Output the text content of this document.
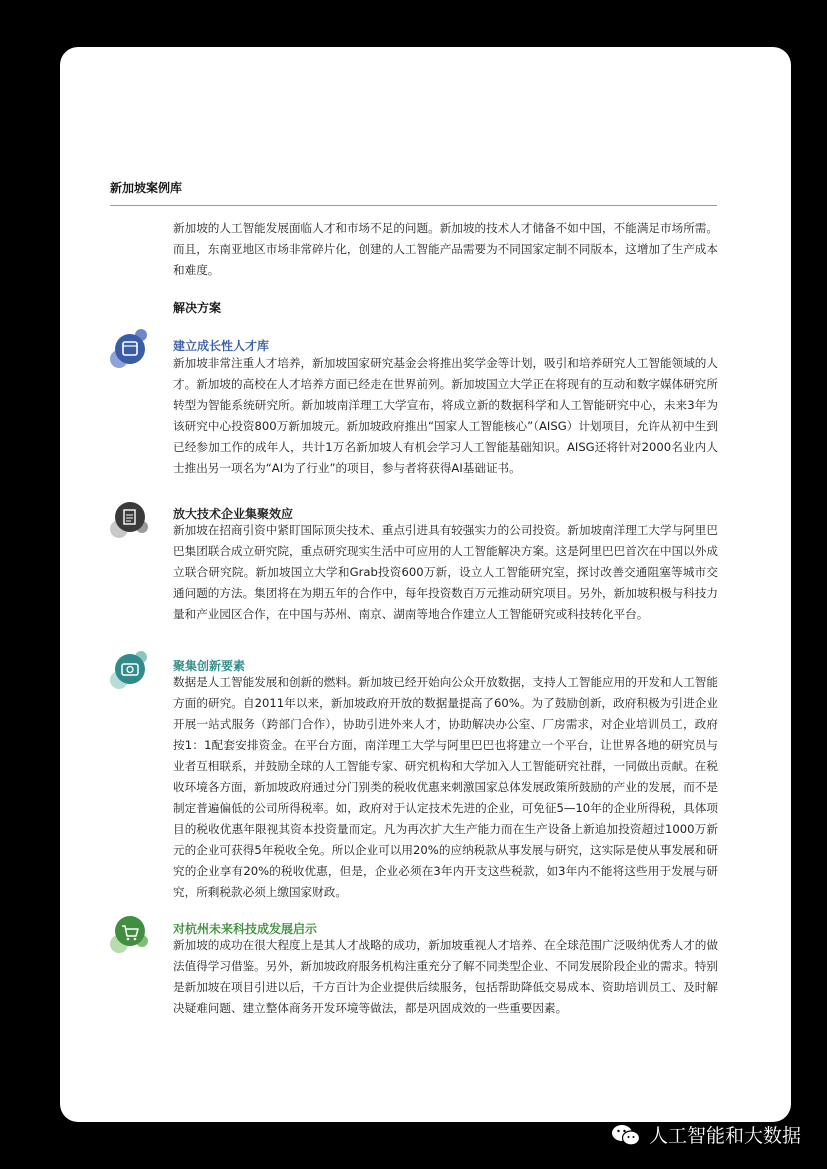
新加坡案例库

新加坡的人工智能发展面临人才和市场不足的问题。新加坡的技术人才储备不如中国，不能满足市场所需。而且，东南亚地区市场非常碎片化，创建的人工智能产品需要为不同国家定制不同版本，这增加了生产成本和难度。

解决方案
建立成长性人才库

新加坡非常注重人才培养，新加坡国家研究基金会将推出奖学金等计划，吸引和培养研究人工智能领域的人才。新加坡的高校在人才培养方面已经走在世界前列。新加坡国立大学正在将现有的互动和数字媒体研究所转型为智能系统研究所。新加坡南洋理工大学宣布，将成立新的数据科学和人工智能研究中心，未来3年为该研究中心投资800万新加坡元。新加坡政府推出“国家人工智能核心”（AISG）计划项目，允许从初中生到已经参加工作的成年人，共计1万名新加坡人有机会学习人工智能基础知识。AISG还将针对2000名业内人士推出另一项名为“AI为了行业”的项目，参与者将获得AI基础证书。

放大技术企业集聚效应

新加坡在招商引资中紧盯国际顶尖技术、重点引进具有较强实力的公司投资。新加坡南洋理工大学与阿里巴巴集团联合成立研究院，重点研究现实生活中可应用的人工智能解决方案。这是阿里巴巴首次在中国以外成立联合研究院。新加坡国立大学和Grab投资600万新，设立人工智能研究室，探讨改善交通阻塞等城市交通问题的方法。集团将在为期五年的合作中，每年投资数百万元推动研究项目。另外，新加坡积极与科技力量和产业园区合作，在中国与苏州、南京、湖南等地合作建立人工智能研究或科技转化平台。

聚集创新要素

数据是人工智能发展和创新的燃料。新加坡已经开始向公众开放数据，支持人工智能应用的开发和人工智能方面的研究。自2011年以来，新加坡政府开放的数据量提高了60%。为了鼓励创新，政府积极为引进企业开展一站式服务（跨部门合作），协助引进外来人才，协助解决办公室、厂房需求，对企业培训员工，政府按1：1配套安排资金。在平台方面，南洋理工大学与阿里巴巴也将建立一个平台，让世界各地的研究员与业者互相联系，并鼓励全球的人工智能专家、研究机构和大学加入人工智能研究社群，一同做出贡献。在税收环境各方面，新加坡政府通过分门别类的税收优惠来刺激国家总体发展政策所鼓励的产业的发展，而不是制定普遍偏低的公司所得税率。如，政府对于认定技术先进的企业，可免征5—10年的企业所得税，具体项目的税收优惠年限视其资本投资量而定。凡为再次扩大生产能力而在生产设备上新追加投资超过1000万新元的企业可获得5年税收全免。所以企业可以用20%的应纳税款从事发展与研究，这实际是使从事发展和研究的企业享有20%的税收优惠，但是，企业必须在3年内开支这些税款，如3年内不能将这些用于发展与研究，所剩税款必须上缴国家财政。

对杭州未来科技成发展启示

新加坡的成功在很大程度上是其人才战略的成功，新加坡重视人才培养、在全球范围广泛吸纳优秀人才的做法值得学习借鉴。另外，新加坡政府服务机构注重充分了解不同类型企业、不同发展阶段企业的需求。特别是新加坡在项目引进以后，千方百计为企业提供后续服务，包括帮助降低交易成本、资助培训员工、及时解决疑难问题、建立整体商务开发环境等做法，都是巩固成效的一些重要因素。

人工智能和大数据
